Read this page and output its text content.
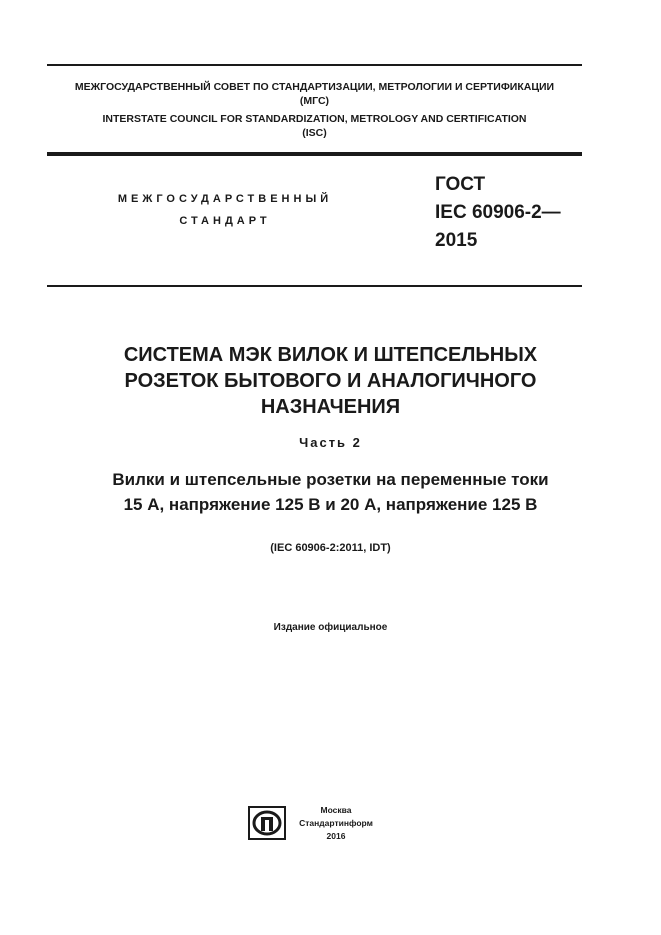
МЕЖГОСУДАРСТВЕННЫЙ СОВЕТ ПО СТАНДАРТИЗАЦИИ, МЕТРОЛОГИИ И СЕРТИФИКАЦИИ
(МГС)
INTERSTATE COUNCIL FOR STANDARDIZATION, METROLOGY AND CERTIFICATION
(ISC)
МЕЖГОСУДАРСТВЕННЫЙ
СТАНДАРТ
ГОСТ
IEC 60906-2—
2015
СИСТЕМА МЭК ВИЛОК И ШТЕПСЕЛЬНЫХ
РОЗЕТОК БЫТОВОГО И АНАЛОГИЧНОГО
НАЗНАЧЕНИЯ
Часть 2
Вилки и штепсельные розетки на переменные токи
15 А, напряжение 125 В и 20 А, напряжение 125 В
(IEC 60906-2:2011, IDT)
Издание официальное
Москва
Стандартинформ
2016
